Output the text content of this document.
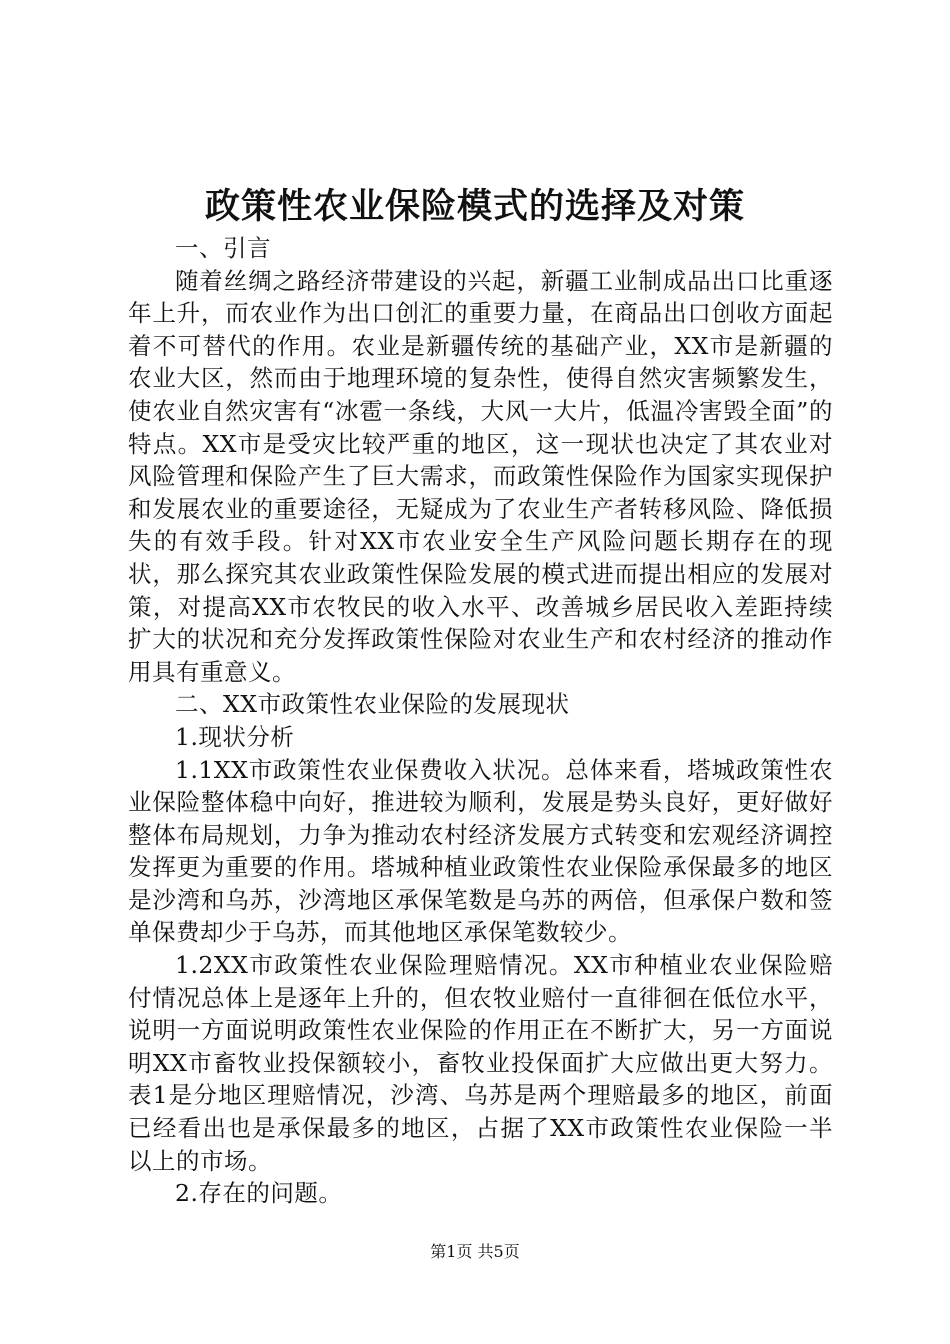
政策性农业保险模式的选择及对策

一、引言

随着丝绸之路经济带建设的兴起，新疆工业制成品出口比重逐年上升，而农业作为出口创汇的重要力量，在商品出口创收方面起着不可替代的作用。农业是新疆传统的基础产业，XX市是新疆的农业大区，然而由于地理环境的复杂性，使得自然灾害频繁发生，使农业自然灾害有“冰雹一条线，大风一大片，低温冷害毁全面”的特点。XX市是受灾比较严重的地区，这一现状也决定了其农业对风险管理和保险产生了巨大需求，而政策性保险作为国家实现保护和发展农业的重要途径，无疑成为了农业生产者转移风险、降低损失的有效手段。针对XX市农业安全生产风险问题长期存在的现状，那么探究其农业政策性保险发展的模式进而提出相应的发展对策，对提高XX市农牧民的收入水平、改善城乡居民收入差距持续扩大的状况和充分发挥政策性保险对农业生产和农村经济的推动作用具有重意义。

二、XX市政策性农业保险的发展现状

1.现状分析

1.1XX市政策性农业保费收入状况。总体来看，塔城政策性农业保险整体稳中向好，推进较为顺利，发展是势头良好，更好做好整体布局规划，力争为推动农村经济发展方式转变和宏观经济调控发挥更为重要的作用。塔城种植业政策性农业保险承保最多的地区是沙湾和乌苏，沙湾地区承保笔数是乌苏的两倍，但承保户数和签单保费却少于乌苏，而其他地区承保笔数较少。

1.2XX市政策性农业保险理赔情况。XX市种植业农业保险赔付情况总体上是逐年上升的，但农牧业赔付一直徘徊在低位水平，说明一方面说明政策性农业保险的作用正在不断扩大，另一方面说明XX市畜牧业投保额较小，畜牧业投保面扩大应做出更大努力。表1是分地区理赔情况，沙湾、乌苏是两个理赔最多的地区，前面已经看出也是承保最多的地区，占据了XX市政策性农业保险一半以上的市场。

2.存在的问题。

第1页 共5页
